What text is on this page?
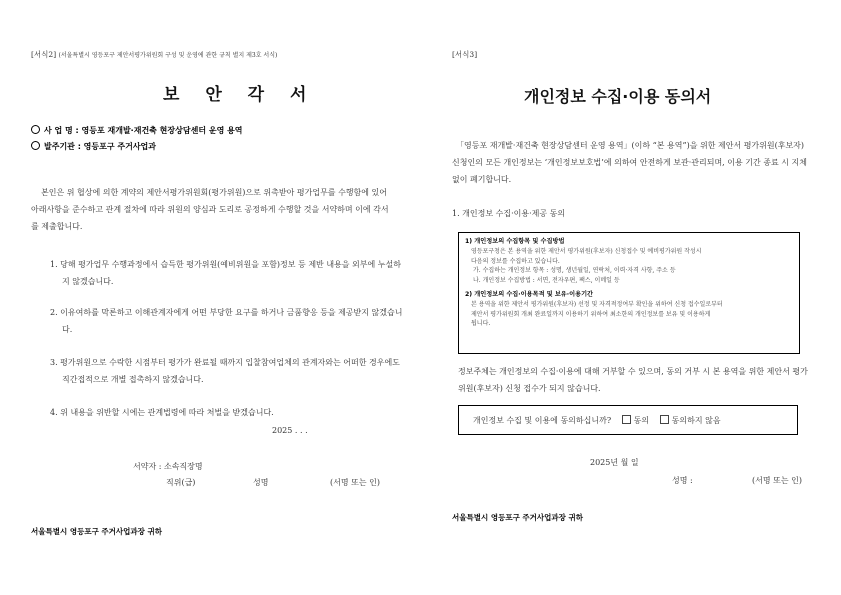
[서식2] (서울특별시 영등포구 제안서평가위원회 구성 및 운영에 관한 규칙 별지 제3호 서식)
보 안 각 서
사 업 명 : 영등포 재개발·재건축 현장상담센터 운영 용역
발주기관 : 영등포구 주거사업과
본인은 위 협상에 의한 계약의 제안서평가위원회(평가위원)으로 위촉받아 평가업무를 수행함에 있어 아래사항을 준수하고 관계 절차에 따라 위원의 양심과 도리로 공정하게 수행할 것을 서약하며 이에 각서를 제출합니다.
1. 당해 평가업무 수행과정에서 습득한 평가위원(예비위원을 포함)정보 등 제반 내용을 외부에 누설하지 않겠습니다.
2. 이유여하를 막론하고 이해관계자에게 어떤 부당한 요구를 하거나 금품향응 등을 제공받지 않겠습니다.
3. 평가위원으로 수락한 시점부터 평가가 완료될 때까지 입찰참여업체의 관계자와는 어떠한 경우에도 직간접적으로 개별 접촉하지 않겠습니다.
4. 위 내용을 위반할 시에는 관계법령에 따라 처벌을 받겠습니다.
2025 . . .
서약자 : 소속직장명
직위(급)	성명	(서명 또는 인)
서울특별시 영등포구 주거사업과장 귀하
[서식3]
개인정보 수집·이용 동의서
「영등포 재개발·재건축 현장상담센터 운영 용역」(이하 “본 용역”)을 위한 제안서 평가위원(후보자) 신청인의 모든 개인정보는 ‘개인정보보호법’에 의하여 안전하게 보관·관리되며, 이용 기간 종료 시 지체없이 폐기합니다.
1. 개인정보 수집·이용·제공 동의
1) 개인정보의 수집항목 및 수집방법
영등포구청은 본 용역을 위한 제안서 평가위원(후보자) 신청접수 및 예비평가위원 작성시
다음의 정보를 수집하고 있습니다.
가. 수집하는 개인정보 항목 : 성명, 생년월일, 연락처, 이력·자격 사항, 주소 등
나. 개인정보 수집방법 : 서면, 전자우편, 팩스, 이메일 등
2) 개인정보의 수집·이용목적 및 보유·이용기간
본 용역을 위한 제안서 평가위원(후보자) 선정 및 자격적정여부 확인을 위하여 신청 접수일로부터
제안서 평가위원회 개최 완료일까지 이용하기 위하여 최소한의 개인정보를 보유 및 이용하게
됩니다.
정보주체는 개인정보의 수집·이용에 대해 거부할 수 있으며, 동의 거부 시 본 용역을 위한 제안서 평가위원(후보자) 신청 접수가 되지 않습니다.
개인정보 수집 및 이용에 동의하십니까?	동의	동의하지 않음
2025년 월 일
성명 :	(서명 또는 인)
서울특별시 영등포구 주거사업과장 귀하
